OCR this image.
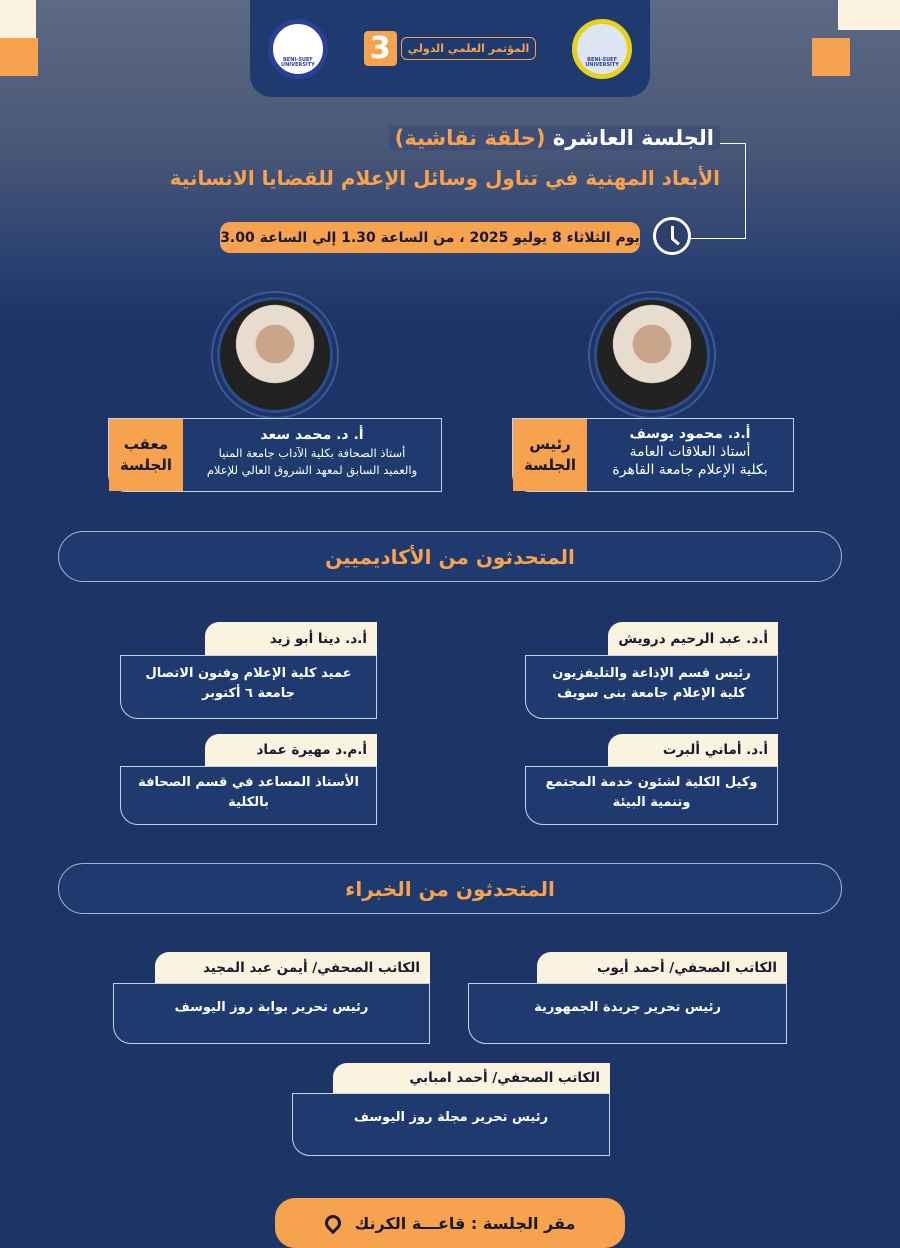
BENI-SUEF UNIVERSITY 3	المؤتمر العلمي الدولي
BENI-SUEF UNIVERSITY
الجلسة العاشرة (حلقة نقاشية)
الأبعاد المهنية في تناول وسائل الإعلام للقضايا الانسانية
يوم الثلاثاء 8 يوليو 2025 ، من الساعة 1.30 إلي الساعة 3.00
أ.د. محمود يوسف
أستاذ العلاقات العامة
بكلية الإعلام جامعة القاهرة
رئيس الجلسة
أ. د. محمد سعد
أستاذ الصحافة بكلية الآداب جامعة المنيا
والعميد السابق لمعهد الشروق العالي للإعلام
معقب الجلسة
المتحدثون من الأكاديميين
أ.د. عبد الرحيم درويش
رئيس قسم الإذاعة والتليفزيون
كلية الإعلام جامعة بنى سويف
أ.د. دينا أبو زيد
عميد كلية الإعلام وفنون الاتصال
جامعة ٦ أكتوبر
أ.د. أماني ألبرت
وكيل الكلية لشئون خدمة المجتمع
وتنمية البيئة
أ.م.د مهيرة عماد
الأستاذ المساعد في قسم الصحافة
بالكلية
المتحدثون من الخبراء
الكاتب الصحفي/ أحمد أيوب
رئيس تحرير جريدة الجمهورية
الكاتب الصحفي/ أيمن عبد المجيد
رئيس تحرير بوابة روز اليوسف
الكاتب الصحفي/ أحمد امبابي
رئيس تحرير مجلة روز اليوسف
مقر الجلسة : قاعـــة الكرنك
